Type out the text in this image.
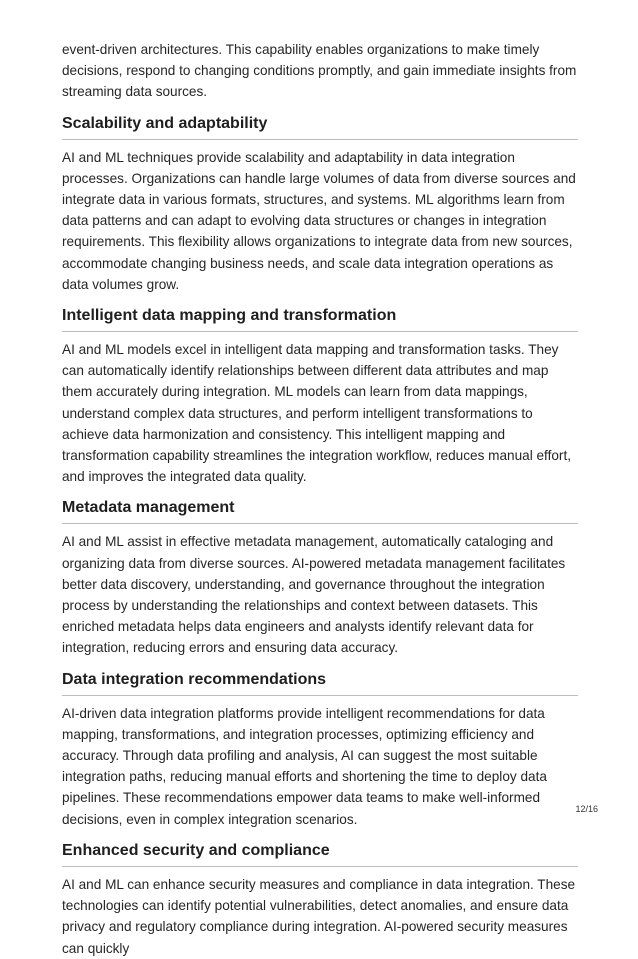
event-driven architectures. This capability enables organizations to make timely decisions, respond to changing conditions promptly, and gain immediate insights from streaming data sources.

Scalability and adaptability

AI and ML techniques provide scalability and adaptability in data integration processes. Organizations can handle large volumes of data from diverse sources and integrate data in various formats, structures, and systems. ML algorithms learn from data patterns and can adapt to evolving data structures or changes in integration requirements. This flexibility allows organizations to integrate data from new sources, accommodate changing business needs, and scale data integration operations as data volumes grow.

Intelligent data mapping and transformation

AI and ML models excel in intelligent data mapping and transformation tasks. They can automatically identify relationships between different data attributes and map them accurately during integration. ML models can learn from data mappings, understand complex data structures, and perform intelligent transformations to achieve data harmonization and consistency. This intelligent mapping and transformation capability streamlines the integration workflow, reduces manual effort, and improves the integrated data quality.

Metadata management

AI and ML assist in effective metadata management, automatically cataloging and organizing data from diverse sources. AI-powered metadata management facilitates better data discovery, understanding, and governance throughout the integration process by understanding the relationships and context between datasets. This enriched metadata helps data engineers and analysts identify relevant data for integration, reducing errors and ensuring data accuracy.

Data integration recommendations

AI-driven data integration platforms provide intelligent recommendations for data mapping, transformations, and integration processes, optimizing efficiency and accuracy. Through data profiling and analysis, AI can suggest the most suitable integration paths, reducing manual efforts and shortening the time to deploy data pipelines. These recommendations empower data teams to make well-informed decisions, even in complex integration scenarios.

Enhanced security and compliance

AI and ML can enhance security measures and compliance in data integration. These technologies can identify potential vulnerabilities, detect anomalies, and ensure data privacy and regulatory compliance during integration. AI-powered security measures can quickly

12/16
